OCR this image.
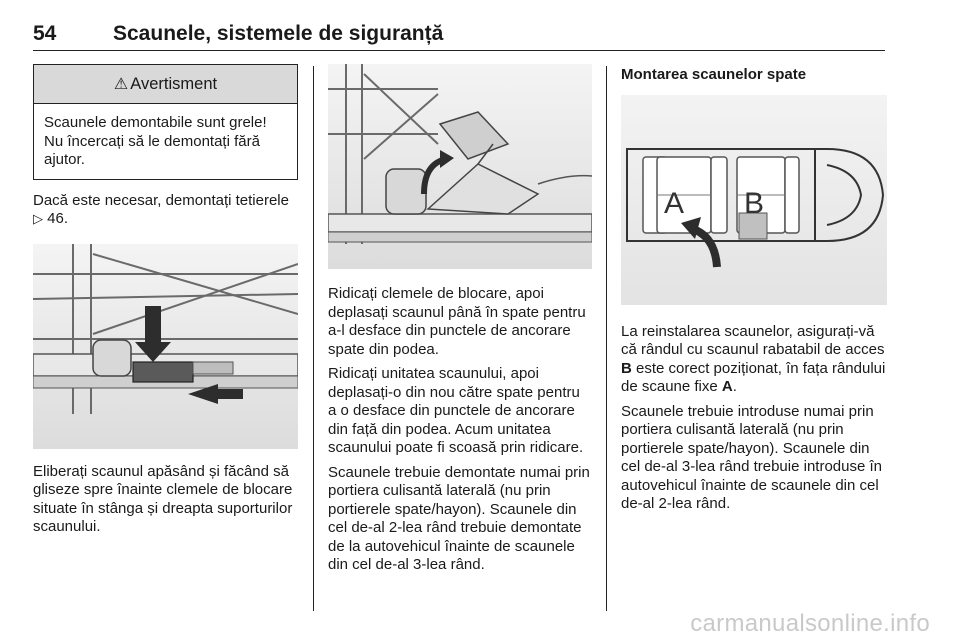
54	Scaunele, sistemele de siguranță
⚠ Avertisment
Scaunele demontabile sunt grele! Nu încercați să le demontați fără ajutor.

Dacă este necesar, demontați tetierele ▷ 46.

Eliberați scaunul apăsând și făcând să gliseze spre înainte clemele de blocare situate în stânga și dreapta suporturilor scaunului.

Ridicați clemele de blocare, apoi deplasați scaunul până în spate pentru a-l desface din punctele de ancorare spate din podea.

Ridicați unitatea scaunului, apoi deplasați-o din nou către spate pentru a o desface din punctele de ancorare din față din podea. Acum unitatea scaunului poate fi scoasă prin ridicare.

Scaunele trebuie demontate numai prin portiera culisantă laterală (nu prin portierele spate/hayon). Scaunele din cel de-al 2-lea rând trebuie demontate de la autovehicul înainte de scaunele din cel de-al 3-lea rând.

Montarea scaunelor spate
A B

La reinstalarea scaunelor, asigurați-vă că rândul cu scaunul rabatabil de acces B este corect poziționat, în fața rândului de scaune fixe A.

Scaunele trebuie introduse numai prin portiera culisantă laterală (nu prin portierele spate/hayon). Scaunele din cel de-al 3-lea rând trebuie introduse în autovehicul înainte de scaunele din cel de-al 2-lea rând.

carmanualsonline.info
